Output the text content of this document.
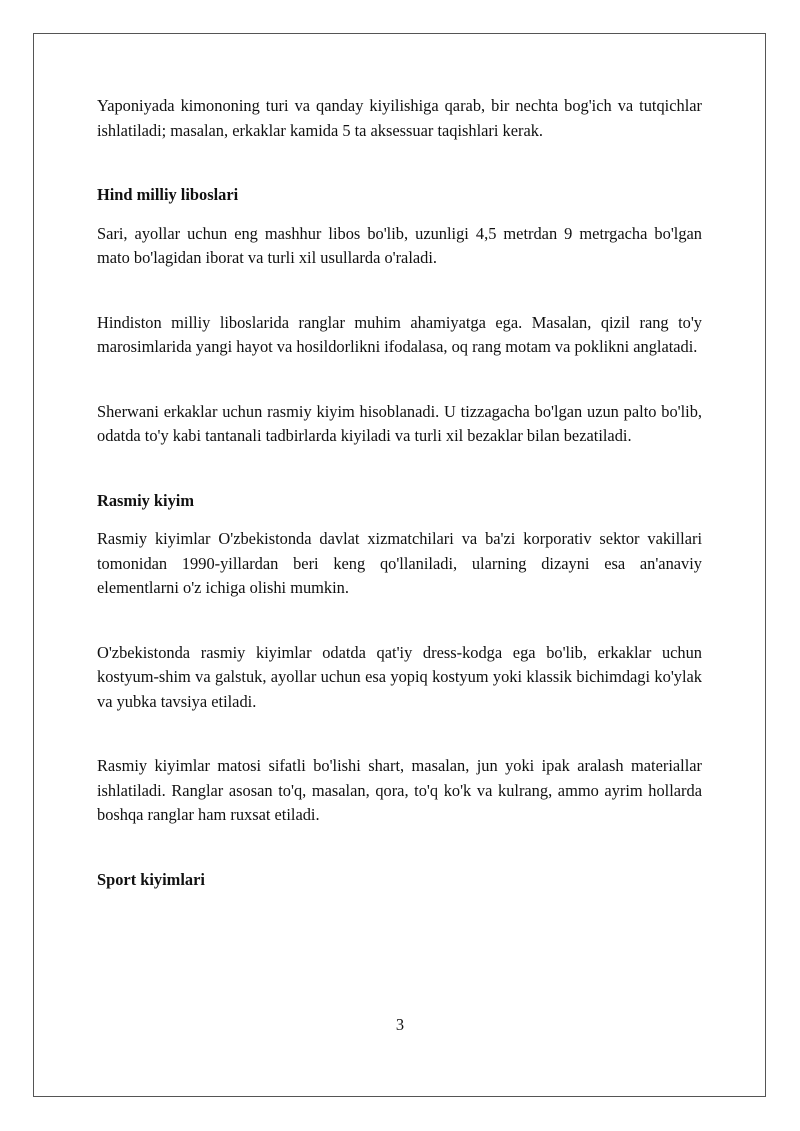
Yaponiyada kimononing turi va qanday kiyilishiga qarab, bir nechta bog'ich va tutqichlar ishlatiladi; masalan, erkaklar kamida 5 ta aksessuar taqishlari kerak.

Hind milliy liboslari

Sari, ayollar uchun eng mashhur libos bo'lib, uzunligi 4,5 metrdan 9 metrgacha bo'lgan mato bo'lagidan iborat va turli xil usullarda o'raladi.

Hindiston milliy liboslarida ranglar muhim ahamiyatga ega. Masalan, qizil rang to'y marosimlarida yangi hayot va hosildorlikni ifodalasa, oq rang motam va poklikni anglatadi.

Sherwani erkaklar uchun rasmiy kiyim hisoblanadi. U tizzagacha bo'lgan uzun palto bo'lib, odatda to'y kabi tantanali tadbirlarda kiyiladi va turli xil bezaklar bilan bezatiladi.

Rasmiy kiyim

Rasmiy kiyimlar O'zbekistonda davlat xizmatchilari va ba'zi korporativ sektor vakillari tomonidan 1990-yillardan beri keng qo'llaniladi, ularning dizayni esa an'anaviy elementlarni o'z ichiga olishi mumkin.

O'zbekistonda rasmiy kiyimlar odatda qat'iy dress-kodga ega bo'lib, erkaklar uchun kostyum-shim va galstuk, ayollar uchun esa yopiq kostyum yoki klassik bichimdagi ko'ylak va yubka tavsiya etiladi.

Rasmiy kiyimlar matosi sifatli bo'lishi shart, masalan, jun yoki ipak aralash materiallar ishlatiladi. Ranglar asosan to'q, masalan, qora, to'q ko'k va kulrang, ammo ayrim hollarda boshqa ranglar ham ruxsat etiladi.

Sport kiyimlari
3
